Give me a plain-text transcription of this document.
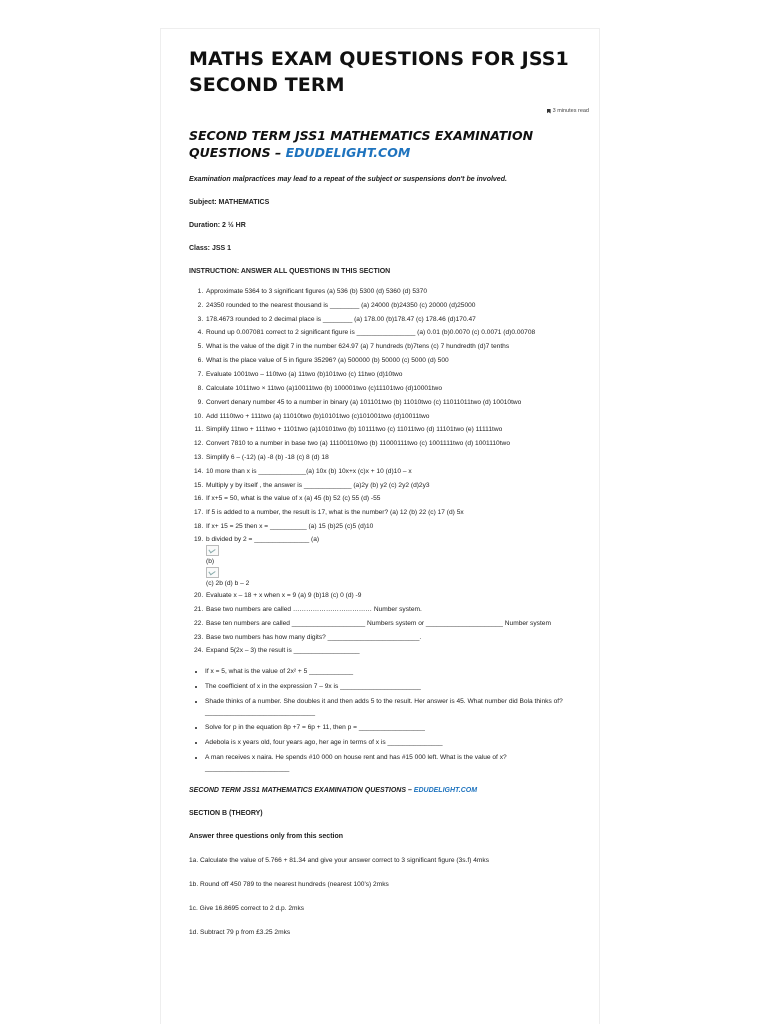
MATHS EXAM QUESTIONS FOR JSS1 SECOND TERM
3 minutes read
SECOND TERM JSS1 MATHEMATICS EXAMINATION QUESTIONS – EDUDELIGHT.COM

Examination malpractices may lead to a repeat of the subject or suspensions don't be involved.

Subject: MATHEMATICS

Duration: 2 ½ HR

Class: JSS 1

INSTRUCTION: ANSWER ALL QUESTIONS IN THIS SECTION

1. Approximate 5364 to 3 significant figures (a) 536 (b) 5300 (d) 5360 (d) 5370
2. 24350 rounded to the nearest thousand is ________ (a) 24000 (b)24350 (c) 20000 (d)25000
3. 178.4673 rounded to 2 decimal place is ________ (a) 178.00 (b)178.47 (c) 178.46 (d)170.47
4. Round up 0.007081 correct to 2 significant figure is ________________ (a) 0.01 (b)0.0070 (c) 0.0071 (d)0.00708
5. What is the value of the digit 7 in the number 624.97 (a) 7 hundreds (b)7tens (c) 7 hundredth (d)7 tenths
6. What is the place value of 5 in figure 35296? (a) 500000 (b) 50000 (c) 5000 (d) 500
7. Evaluate 1001two – 110two (a) 11two (b)101two (c) 11two (d)10two
8. Calculate 1011two × 11two (a)10011two (b) 100001two (c)11101two (d)10001two
9. Convert denary number 45 to a number in binary (a) 101101two (b) 11010two (c) 11011011two (d) 10010two
10. Add 1110two + 111two (a) 11010two (b)10101two (c)101001two (d)10011two
11. Simplify 11two + 111two + 1101two (a)10101two (b) 10111two (c) 11011two (d) 11101two (e) 11111two
12. Convert 7810 to a number in base two (a) 11100110two (b) 11000111two (c) 1001111two (d) 1001110two
13. Simplify 6 – (-12) (a) -8 (b) -18 (c) 8 (d) 18
14. 10 more than x is _____________(a) 10x (b) 10x+x (c)x + 10 (d)10 – x
15. Multiply y by itself , the answer is _____________ (a)2y (b) y2 (c) 2y2 (d)2y3
16. If x+5 = 50, what is the value of x (a) 45 (b) 52 (c) 55 (d) -55
17. If 5 is added to a number, the result is 17, what is the number? (a) 12 (b) 22 (c) 17 (d) 5x
18. If x+ 15 = 25 then x = __________ (a) 15 (b)25 (c)5 (d)10
19. b divided by 2 = _______________ (a)

(b)

(c) 2b (d) b – 2
20. Evaluate x – 18 + x when x = 9 (a) 9 (b)18 (c) 0 (d) -9
21. Base two numbers are called ……………………………… Number system.
22. Base ten numbers are called ____________________ Numbers system or _____________________ Number system
23. Base two numbers has how many digits? _________________________.
24. Expand 5(2x – 3) the result is __________________
• If x = 5, what is the value of 2x² + 5 ____________
• The coefficient of x in the expression 7 – 9x is ______________________
• Shade thinks of a number. She doubles it and then adds 5 to the result. Her answer is 45. What number did Bola thinks of? ______________________________
• Solve for p in the equation 8p +7 = 6p + 11, then p = __________________
• Adebola is x years old, four years ago, her age in terms of x is _______________
• A man receives x naira. He spends #10 000 on house rent and has #15 000 left. What is the value of x? _______________________

SECOND TERM JSS1 MATHEMATICS EXAMINATION QUESTIONS – EDUDELIGHT.COM

SECTION B (THEORY)

Answer three questions only from this section

1a. Calculate the value of 5.766 + 81.34 and give your answer correct to 3 significant figure (3s.f) 4mks

1b. Round off 450 789 to the nearest hundreds (nearest 100's) 2mks

1c. Give 16.8695 correct to 2 d.p. 2mks

1d. Subtract 79 p from £3.25 2mks
